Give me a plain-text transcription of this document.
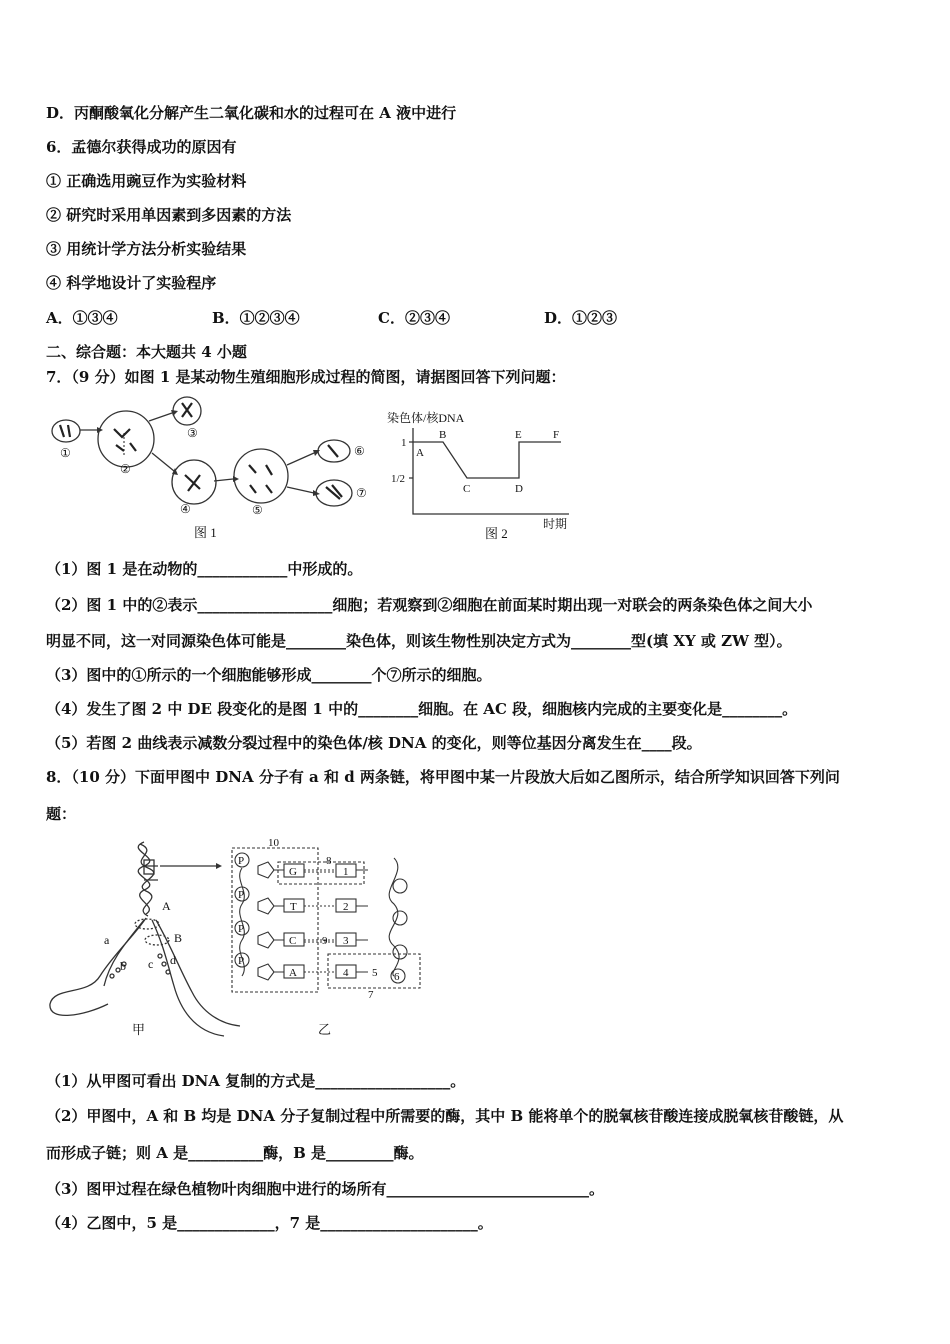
D．丙酮酸氧化分解产生二氧化碳和水的过程可在 A 液中进行
6．孟德尔获得成功的原因有
① 正确选用豌豆作为实验材料
② 研究时采用单因素到多因素的方法
③ 用统计学方法分析实验结果
④ 科学地设计了实验程序
A．①③④	B．①②③④	C．②③④	D．①②③
二、综合题：本大题共 4 小题
7．（9 分）如图 1 是某动物生殖细胞形成过程的简图，请据图回答下列问题：
①
②
③
④	⑤
⑥
⑦
图 1
染色体/核DNA
1
1/2
A
B
C	D
E	F
时期
图 2
（1）图 1 是在动物的____________中形成的。
（2）图 1 中的②表示__________________细胞；若观察到②细胞在前面某时期出现一对联会的两条染色体之间大小
明显不同，这一对同源染色体可能是________染色体，则该生物性别决定方式为________型(填 XY 或 ZW 型）。
（3）图中的①所示的一个细胞能够形成________个⑦所示的细胞。
（4）发生了图 2 中 DE 段变化的是图 1 中的________细胞。在 AC 段，细胞核内完成的主要变化是________。
（5）若图 2 曲线表示减数分裂过程中的染色体/核 DNA 的变化，则等位基因分离发生在____段。
8．（10 分）下面甲图中 DNA 分子有 a 和 d 两条链，将甲图中某一片段放大后如乙图所示，结合所学知识回答下列问
题：
A
B
a
b c d
甲
P
P
P
P
G
T
C
A
1
2
3
4
10
8
9
5 6
7
乙
（1）从甲图可看出 DNA 复制的方式是__________________。
（2）甲图中，A 和 B 均是 DNA 分子复制过程中所需要的酶，其中 B 能将单个的脱氧核苷酸连接成脱氧核苷酸链，从
而形成子链；则 A 是__________酶，B 是_________酶。
（3）图甲过程在绿色植物叶肉细胞中进行的场所有___________________________。
（4）乙图中，5 是_____________，7 是_____________________。
